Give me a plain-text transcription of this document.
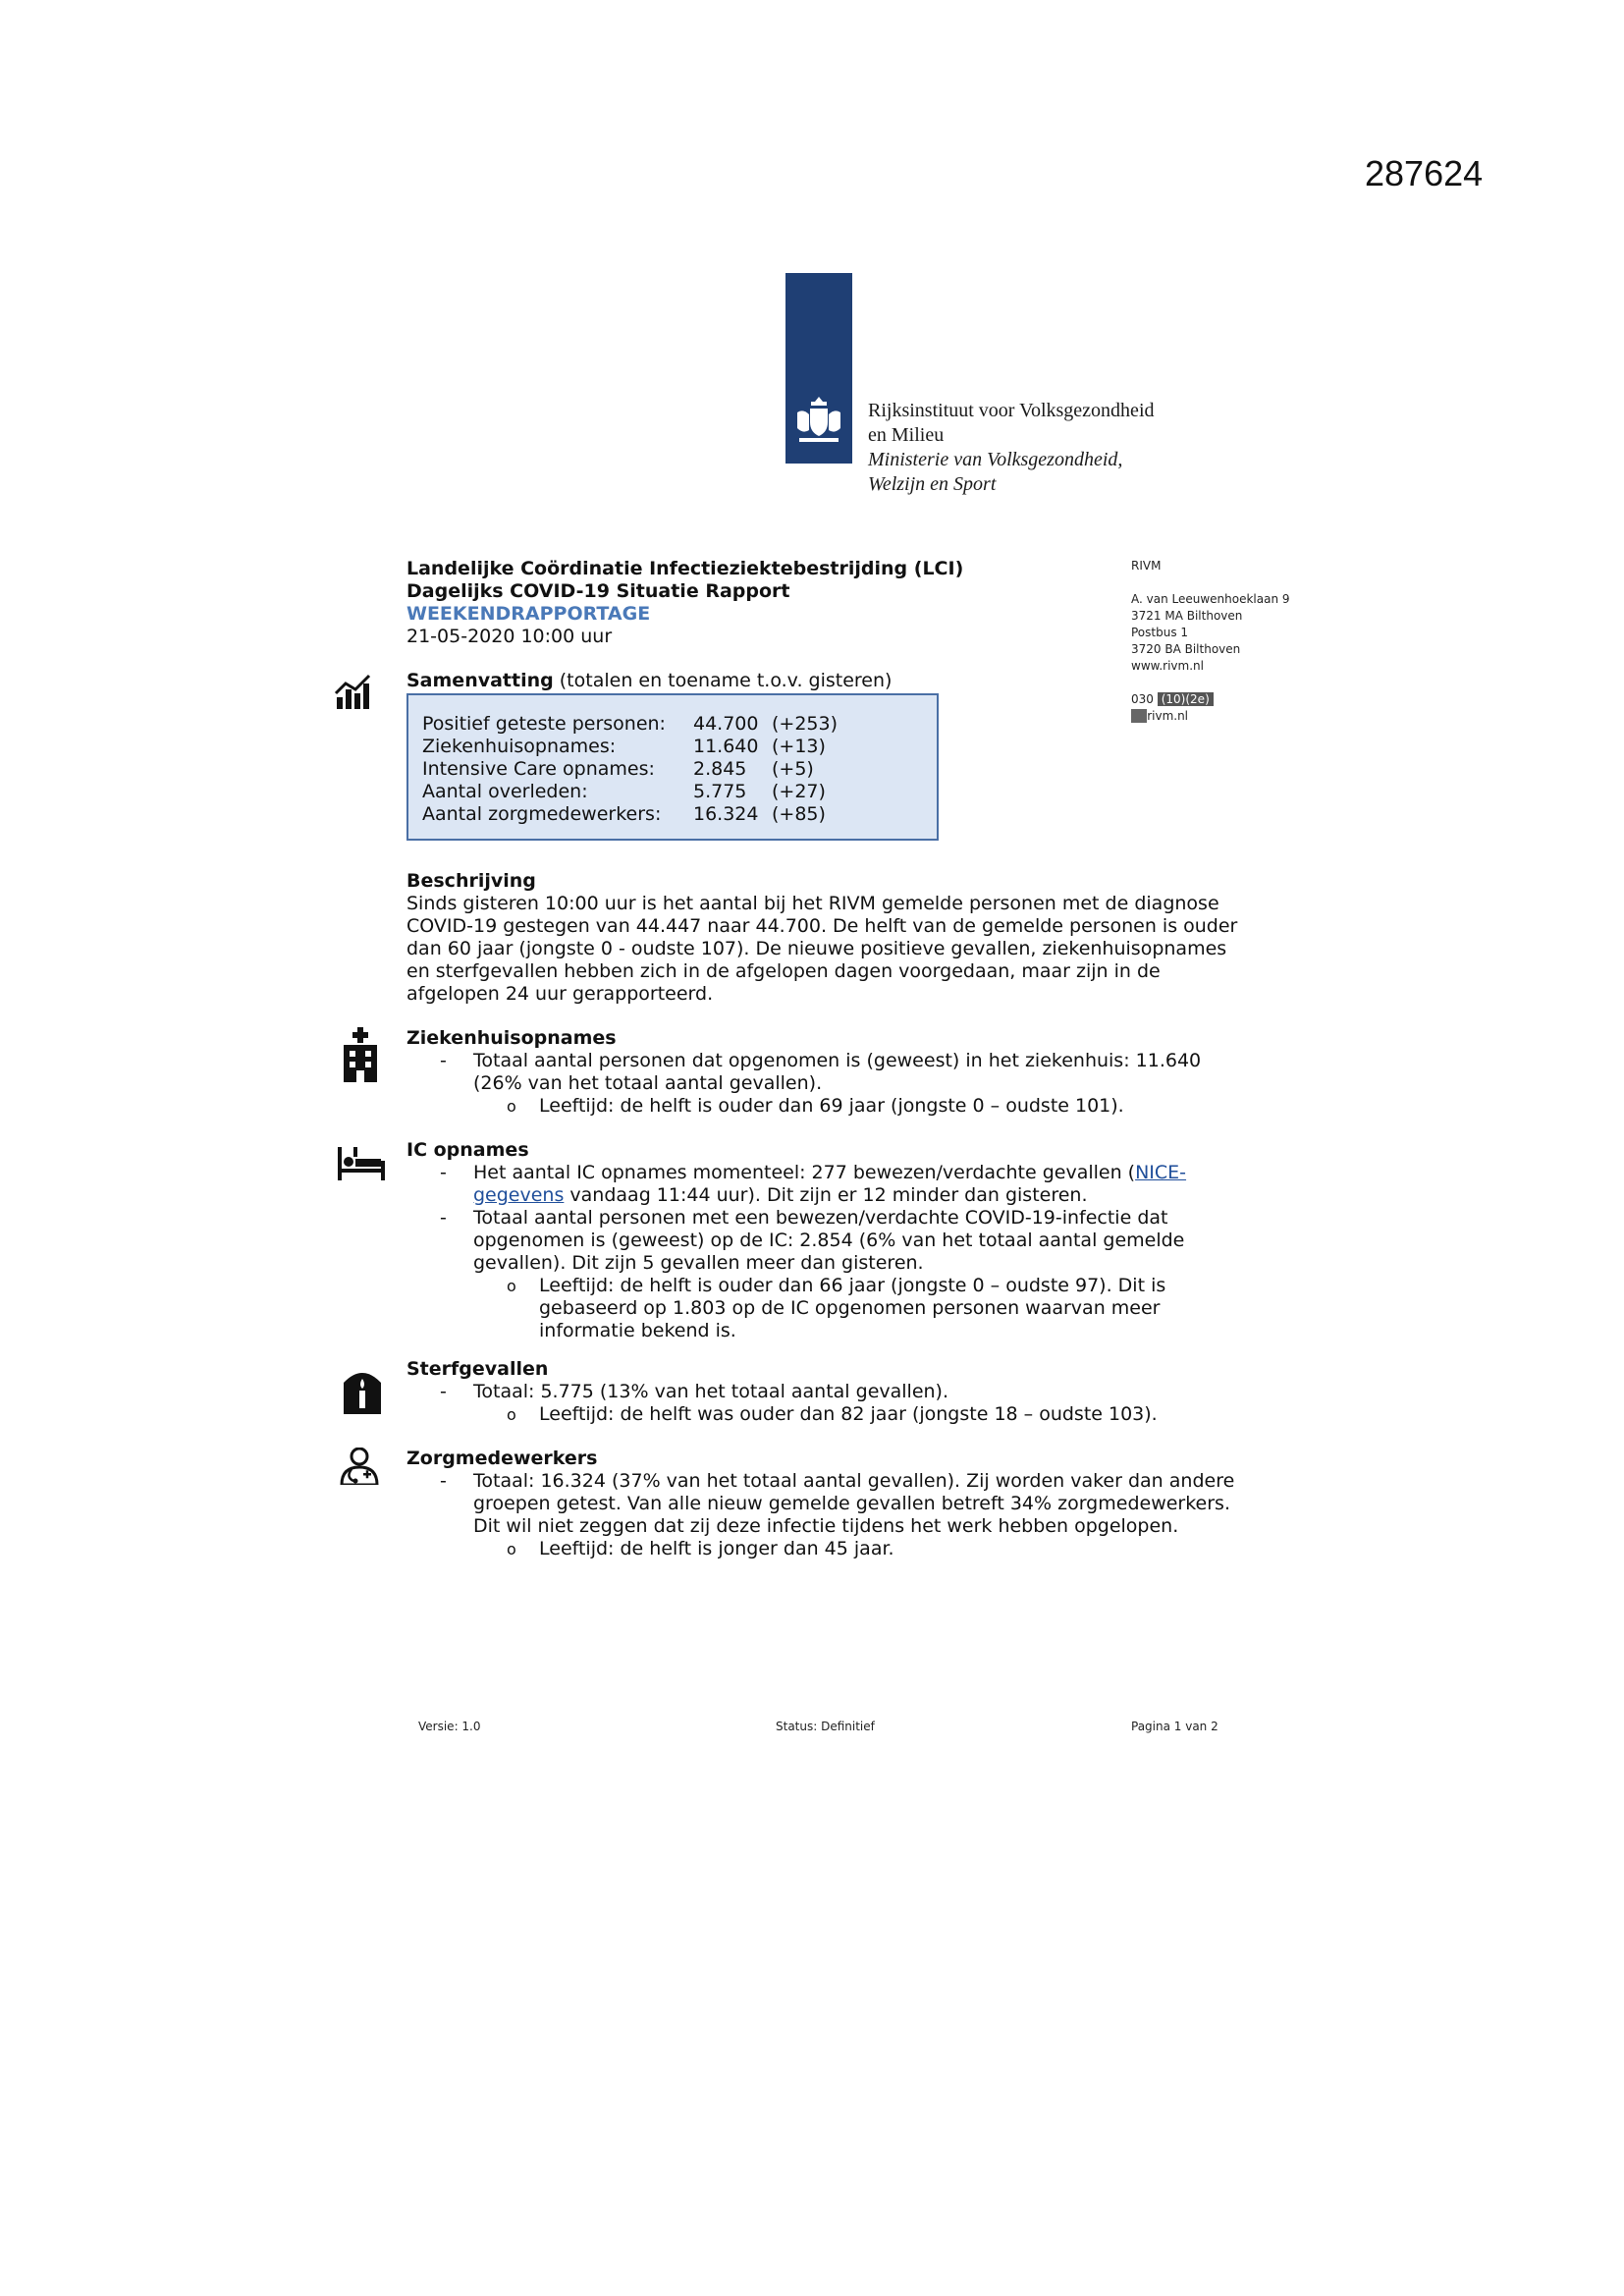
287624
Rijksinstituut voor Volksgezondheid
en Milieu
Ministerie van Volksgezondheid,
Welzijn en Sport
Landelijke Coördinatie Infectieziektebestrijding (LCI)
Dagelijks COVID-19 Situatie Rapport
WEEKENDRAPPORTAGE
21-05-2020 10:00 uur
RIVM
A. van Leeuwenhoeklaan 9
3721 MA Bilthoven
Postbus 1
3720 BA Bilthoven
www.rivm.nl
030 (10)(2e)
xxrivm.nl
Samenvatting (totalen en toename t.o.v. gisteren)
Positief geteste personen:	44.700	(+253)
Ziekenhuisopnames:	11.640	(+13)
Intensive Care opnames:	2.845	(+5)
Aantal overleden:	5.775	(+27)
Aantal zorgmedewerkers:	16.324	(+85)
Beschrijving
Sinds gisteren 10:00 uur is het aantal bij het RIVM gemelde personen met de diagnose COVID-19 gestegen van 44.447 naar 44.700. De helft van de gemelde personen is ouder dan 60 jaar (jongste 0 - oudste 107). De nieuwe positieve gevallen, ziekenhuisopnames en sterfgevallen hebben zich in de afgelopen dagen voorgedaan, maar zijn in de afgelopen 24 uur gerapporteerd.
Ziekenhuisopnames
- Totaal aantal personen dat opgenomen is (geweest) in het ziekenhuis: 11.640 (26% van het totaal aantal gevallen).
o Leeftijd: de helft is ouder dan 69 jaar (jongste 0 – oudste 101).
IC opnames
- Het aantal IC opnames momenteel: 277 bewezen/verdachte gevallen (NICE-gegevens vandaag 11:44 uur). Dit zijn er 12 minder dan gisteren.
- Totaal aantal personen met een bewezen/verdachte COVID-19-infectie dat opgenomen is (geweest) op de IC: 2.854 (6% van het totaal aantal gemelde gevallen). Dit zijn 5 gevallen meer dan gisteren.
o Leeftijd: de helft is ouder dan 66 jaar (jongste 0 – oudste 97). Dit is gebaseerd op 1.803 op de IC opgenomen personen waarvan meer informatie bekend is.
Sterfgevallen
- Totaal: 5.775 (13% van het totaal aantal gevallen).
o Leeftijd: de helft was ouder dan 82 jaar (jongste 18 – oudste 103).
Zorgmedewerkers
- Totaal: 16.324 (37% van het totaal aantal gevallen). Zij worden vaker dan andere groepen getest. Van alle nieuw gemelde gevallen betreft 34% zorgmedewerkers. Dit wil niet zeggen dat zij deze infectie tijdens het werk hebben opgelopen.
o Leeftijd: de helft is jonger dan 45 jaar.
Versie: 1.0	Status: Definitief	Pagina 1 van 2
